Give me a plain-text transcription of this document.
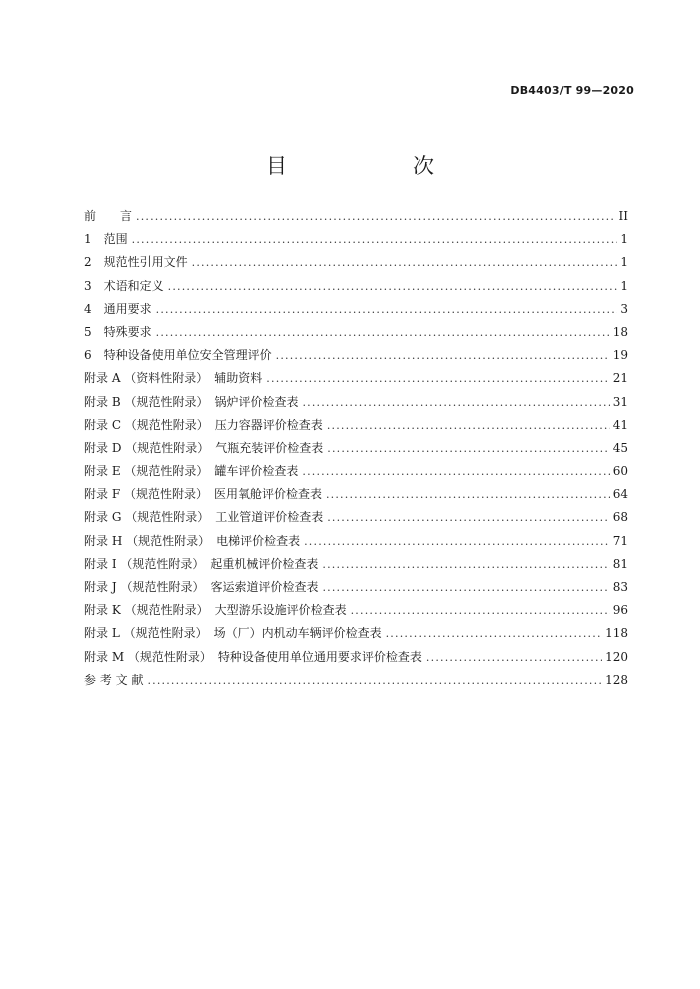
DB4403/T 99—2020
目　　次
前　　言 .....	II
1　范围 .....	1
2　规范性引用文件 .....	1
3　术语和定义 .....	1
4　通用要求 .....	3
5　特殊要求 .....	18
6　特种设备使用单位安全管理评价 .....	19
附录 A （资料性附录）　辅助资料 .....	21
附录 B （规范性附录）　锅炉评价检查表 .....	31
附录 C （规范性附录）　压力容器评价检查表 .....	41
附录 D （规范性附录）　气瓶充装评价检查表 .....	45
附录 E （规范性附录）　罐车评价检查表 .....	60
附录 F （规范性附录）　医用氧舱评价检查表 .....	64
附录 G （规范性附录）　工业管道评价检查表 .....	68
附录 H （规范性附录）　电梯评价检查表 .....	71
附录 I （规范性附录）　起重机械评价检查表 .....	81
附录 J （规范性附录）　客运索道评价检查表 .....	83
附录 K （规范性附录）　大型游乐设施评价检查表 .....	96
附录 L （规范性附录）　场（厂）内机动车辆评价检查表 .....	118
附录 M （规范性附录）　特种设备使用单位通用要求评价检查表 .....	120
参 考 文 献 .....	128
